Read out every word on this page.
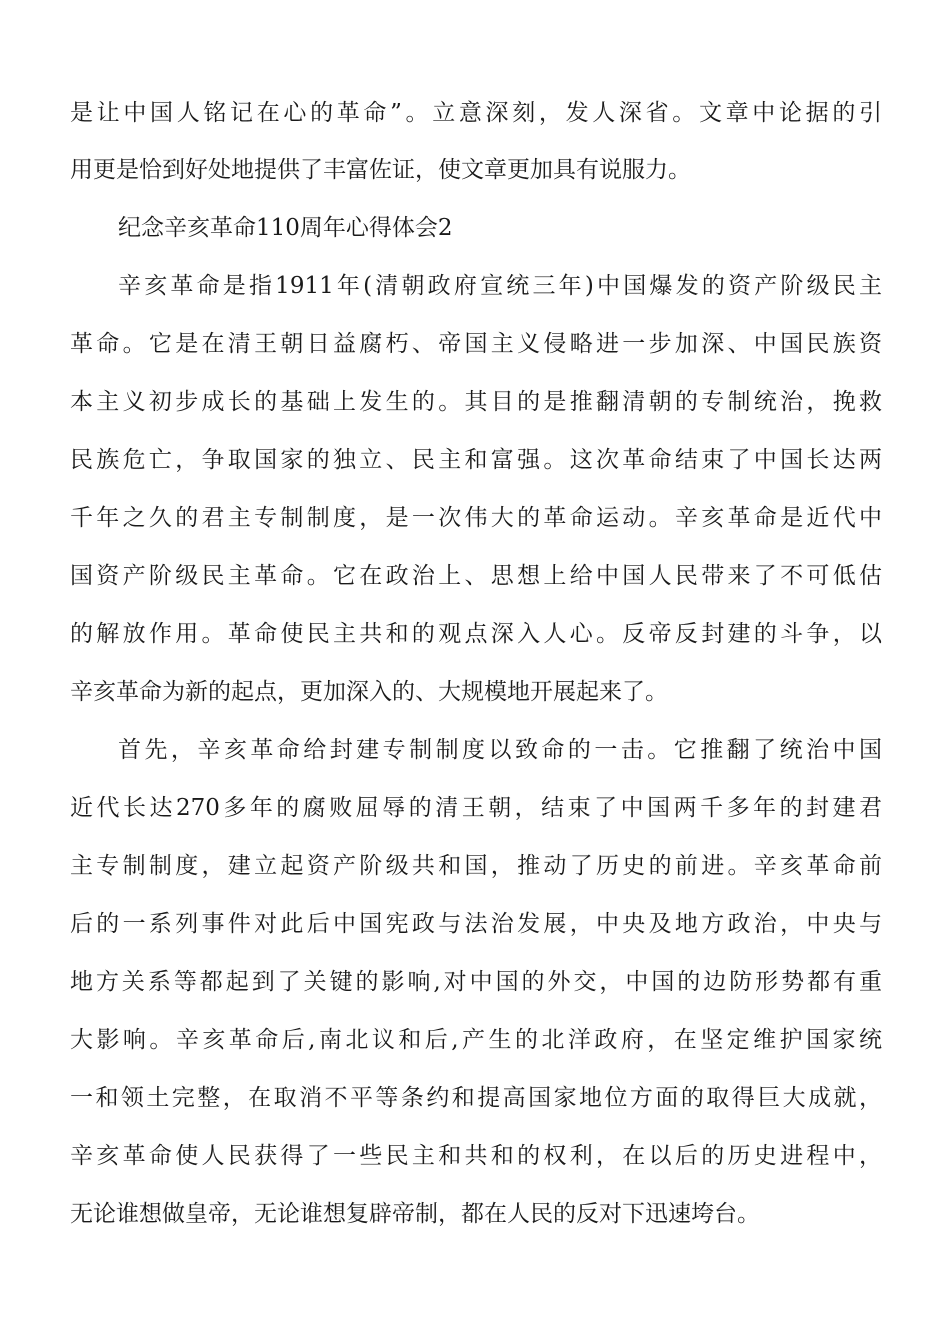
是让中国人铭记在心的革命”。立意深刻，发人深省。文章中论据的引

用更是恰到好处地提供了丰富佐证，使文章更加具有说服力。

纪念辛亥革命110周年心得体会2

辛亥革命是指1911年(清朝政府宣统三年)中国爆发的资产阶级民主

革命。它是在清王朝日益腐朽、帝国主义侵略进一步加深、中国民族资

本主义初步成长的基础上发生的。其目的是推翻清朝的专制统治，挽救

民族危亡，争取国家的独立、民主和富强。这次革命结束了中国长达两

千年之久的君主专制制度，是一次伟大的革命运动。辛亥革命是近代中

国资产阶级民主革命。它在政治上、思想上给中国人民带来了不可低估

的解放作用。革命使民主共和的观点深入人心。反帝反封建的斗争，以

辛亥革命为新的起点，更加深入的、大规模地开展起来了。

首先，辛亥革命给封建专制制度以致命的一击。它推翻了统治中国

近代长达270多年的腐败屈辱的清王朝，结束了中国两千多年的封建君

主专制制度，建立起资产阶级共和国，推动了历史的前进。辛亥革命前

后的一系列事件对此后中国宪政与法治发展，中央及地方政治，中央与

地方关系等都起到了关键的影响,对中国的外交，中国的边防形势都有重

大影响。辛亥革命后,南北议和后,产生的北洋政府，在坚定维护国家统

一和领土完整，在取消不平等条约和提高国家地位方面的取得巨大成就，

辛亥革命使人民获得了一些民主和共和的权利，在以后的历史进程中，

无论谁想做皇帝，无论谁想复辟帝制，都在人民的反对下迅速垮台。
